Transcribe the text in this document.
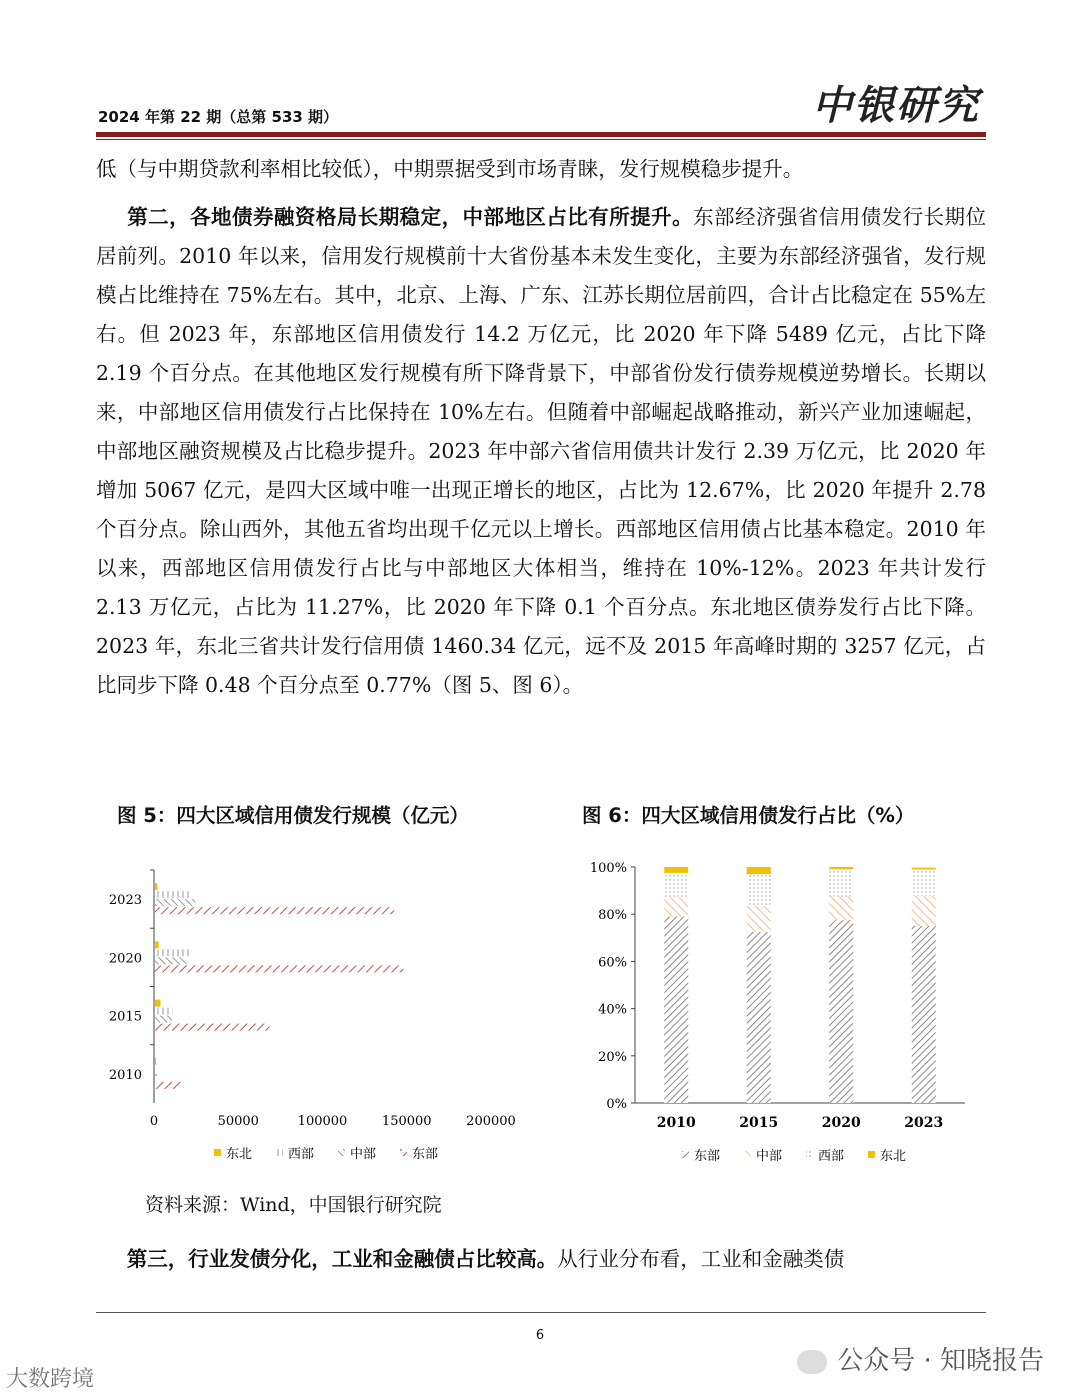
2024 年第 22 期（总第 533 期）	中银研究

低（与中期贷款利率相比较低），中期票据受到市场青睐，发行规模稳步提升。

  第二，各地债券融资格局长期稳定，中部地区占比有所提升。东部经济强省信用债发行长期位居前列。2010 年以来，信用发行规模前十大省份基本未发生变化，主要为东部经济强省，发行规模占比维持在 75%左右。其中，北京、上海、广东、江苏长期位居前四，合计占比稳定在 55%左右。但 2023 年，东部地区信用债发行 14.2 万亿元，比 2020 年下降 5489 亿元，占比下降 2.19 个百分点。在其他地区发行规模有所下降背景下，中部省份发行债券规模逆势增长。长期以来，中部地区信用债发行占比保持在 10%左右。但随着中部崛起战略推动，新兴产业加速崛起，中部地区融资规模及占比稳步提升。2023 年中部六省信用债共计发行 2.39 万亿元，比 2020 年增加 5067 亿元，是四大区域中唯一出现正增长的地区，占比为 12.67%，比 2020 年提升 2.78 个百分点。除山西外，其他五省均出现千亿元以上增长。西部地区信用债占比基本稳定。2010 年以来，西部地区信用债发行占比与中部地区大体相当，维持在 10%-12%。2023 年共计发行 2.13 万亿元，占比为 11.27%，比 2020 年下降 0.1 个百分点。东北地区债券发行占比下降。2023 年，东北三省共计发行信用债 1460.34 亿元，远不及 2015 年高峰时期的 3257 亿元，占比同步下降 0.48 个百分点至 0.77%（图 5、图 6）。

图 5：四大区域信用债发行规模（亿元）	图 6：四大区域信用债发行占比（%）
0	50000	100000	150000	200000
2023
2020
2015
2010
东北	西部	中部	东部
0%
20%
40%
60%
80%
100%
2010	2015	2020	2023
东部	中部	西部	东北
资料来源：Wind，中国银行研究院

  第三，行业发债分化，工业和金融债占比较高。从行业分布看，工业和金融类债

6
公众号 · 知晓报告
大数跨境
